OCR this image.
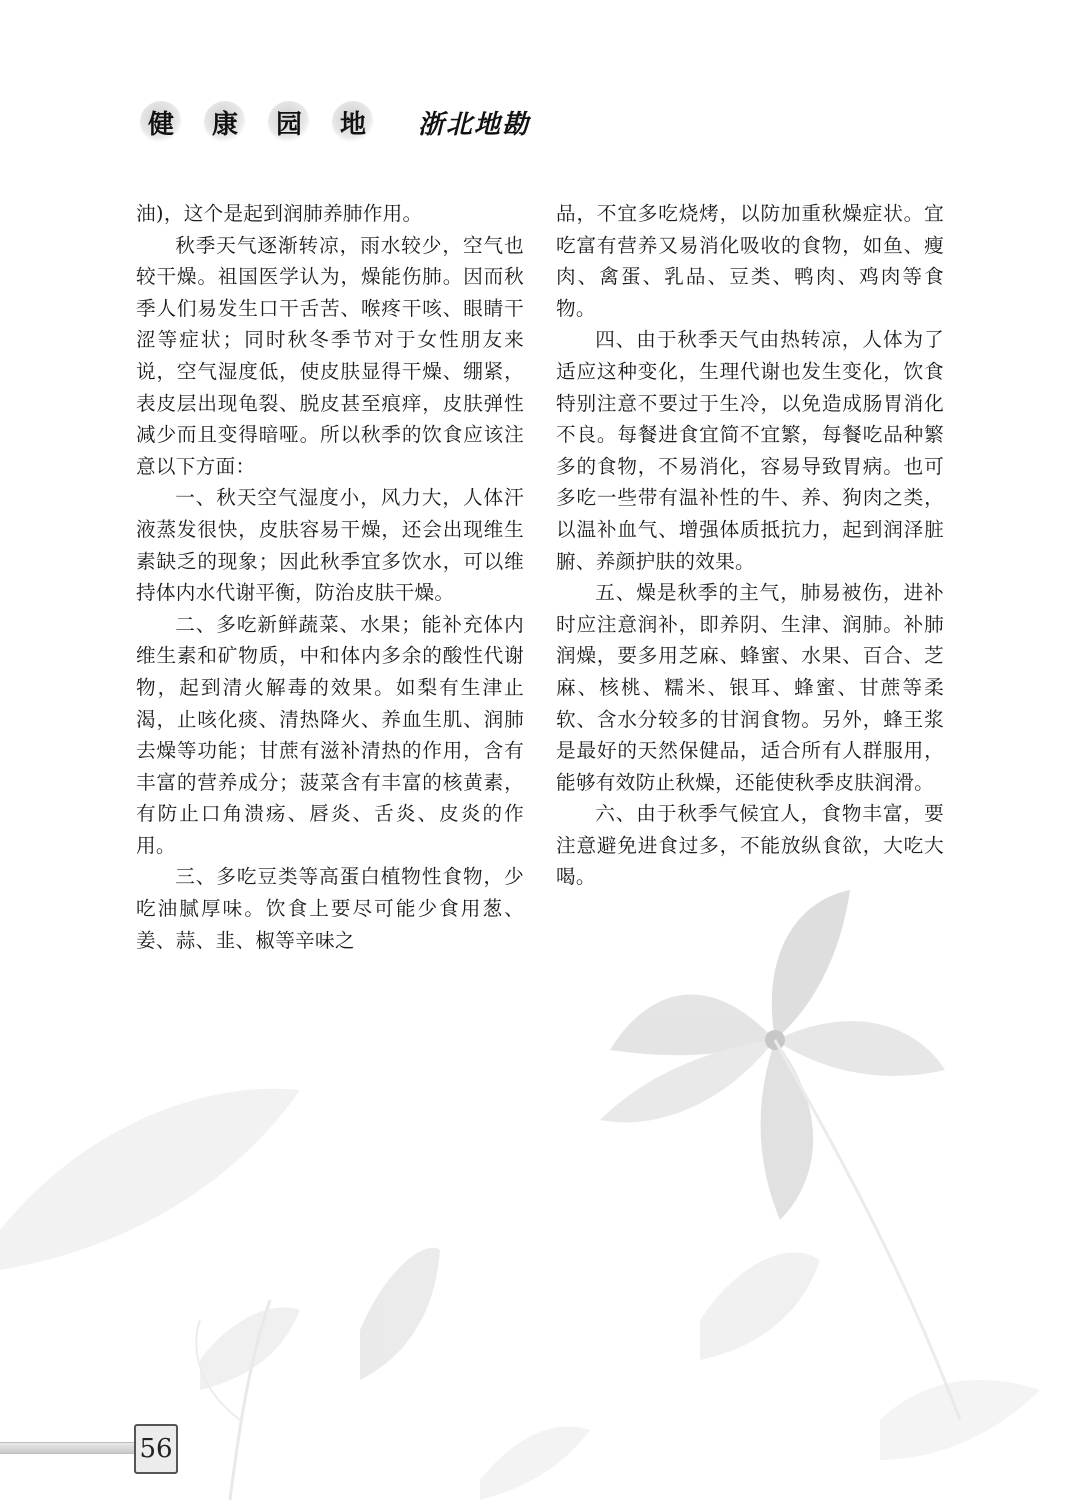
健	康	园	地	浙北地勘

油)，这个是起到润肺养肺作用。

秋季天气逐渐转凉，雨水较少，空气也较干燥。祖国医学认为，燥能伤肺。因而秋季人们易发生口干舌苦、喉疼干咳、眼睛干涩等症状；同时秋冬季节对于女性朋友来说，空气湿度低，使皮肤显得干燥、绷紧，表皮层出现龟裂、脱皮甚至痕痒，皮肤弹性减少而且变得暗哑。所以秋季的饮食应该注意以下方面：

一、秋天空气湿度小，风力大，人体汗液蒸发很快，皮肤容易干燥，还会出现维生素缺乏的现象；因此秋季宜多饮水，可以维持体内水代谢平衡，防治皮肤干燥。

二、多吃新鲜蔬菜、水果；能补充体内维生素和矿物质，中和体内多余的酸性代谢物，起到清火解毒的效果。如梨有生津止渴，止咳化痰、清热降火、养血生肌、润肺去燥等功能；甘蔗有滋补清热的作用，含有丰富的营养成分；菠菜含有丰富的核黄素，有防止口角溃疡、唇炎、舌炎、皮炎的作用。

三、多吃豆类等高蛋白植物性食物，少吃油腻厚味。饮食上要尽可能少食用葱、姜、蒜、韭、椒等辛味之

品，不宜多吃烧烤，以防加重秋燥症状。宜吃富有营养又易消化吸收的食物，如鱼、瘦肉、禽蛋、乳品、豆类、鸭肉、鸡肉等食物。

四、由于秋季天气由热转凉，人体为了适应这种变化，生理代谢也发生变化，饮食特别注意不要过于生冷，以免造成肠胃消化不良。每餐进食宜简不宜繁，每餐吃品种繁多的食物，不易消化，容易导致胃病。也可多吃一些带有温补性的牛、养、狗肉之类，以温补血气、增强体质抵抗力，起到润泽脏腑、养颜护肤的效果。

五、燥是秋季的主气，肺易被伤，进补时应注意润补，即养阴、生津、润肺。补肺润燥，要多用芝麻、蜂蜜、水果、百合、芝麻、核桃、糯米、银耳、蜂蜜、甘蔗等柔软、含水分较多的甘润食物。另外，蜂王浆是最好的天然保健品，适合所有人群服用，能够有效防止秋燥，还能使秋季皮肤润滑。

六、由于秋季气候宜人，食物丰富，要注意避免进食过多，不能放纵食欲，大吃大喝。

56
